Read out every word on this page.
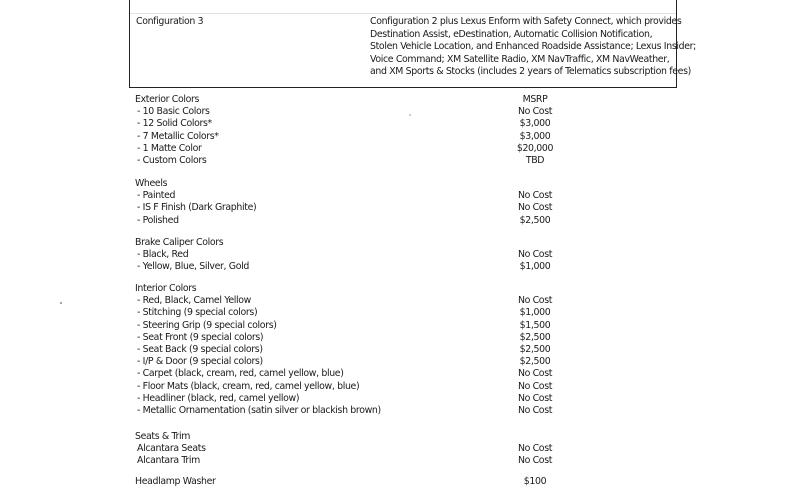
Configuration 3	Configuration 2 plus Lexus Enform with Safety Connect, which provides
Destination Assist, eDestination, Automatic Collision Notification,
Stolen Vehicle Location, and Enhanced Roadside Assistance; Lexus Insider;
Voice Command; XM Satellite Radio, XM NavTraffic, XM NavWeather,
and XM Sports & Stocks (includes 2 years of Telematics subscription fees)
Exterior Colors	MSRP
- 10 Basic Colors	No Cost
- 12 Solid Colors*	$3,000
- 7 Metallic Colors*	$3,000
- 1 Matte Color	$20,000
- Custom Colors	TBD
Wheels
- Painted	No Cost
- IS F Finish (Dark Graphite)	No Cost
- Polished	$2,500
Brake Caliper Colors
- Black, Red	No Cost
- Yellow, Blue, Silver, Gold	$1,000
Interior Colors
- Red, Black, Camel Yellow	No Cost
- Stitching (9 special colors)	$1,000
- Steering Grip (9 special colors)	$1,500
- Seat Front (9 special colors)	$2,500
- Seat Back (9 special colors)	$2,500
- I/P & Door (9 special colors)	$2,500
- Carpet (black, cream, red, camel yellow, blue)	No Cost
- Floor Mats (black, cream, red, camel yellow, blue)	No Cost
- Headliner (black, red, camel yellow)	No Cost
- Metallic Ornamentation (satin silver or blackish brown)	No Cost
Seats & Trim
Alcantara Seats	No Cost
Alcantara Trim	No Cost
Headlamp Washer	$100
